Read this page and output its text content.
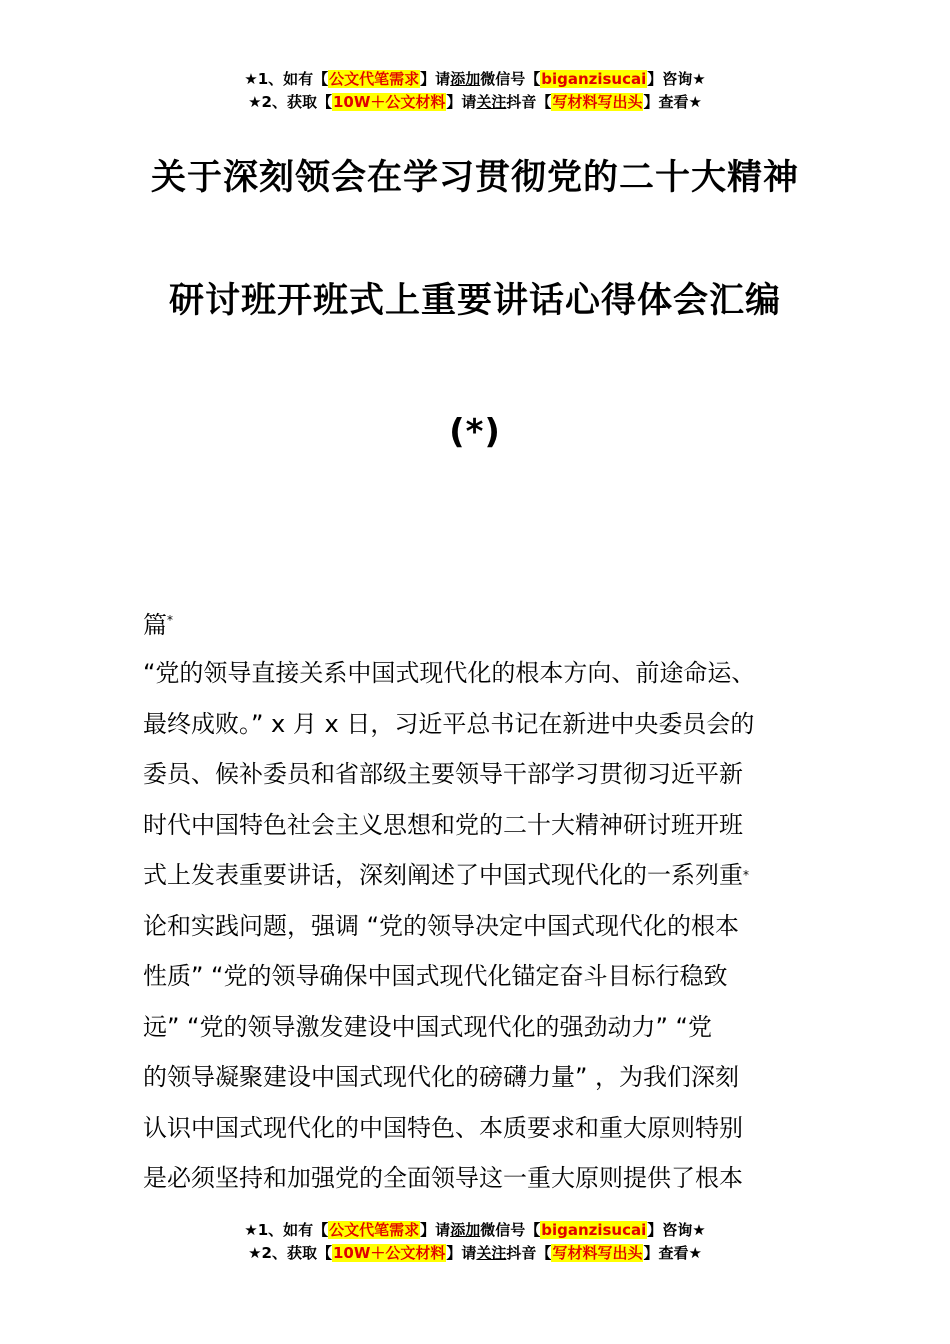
★1、如有【公文代笔需求】请添加微信号【biganzisucai】咨询★
★2、获取【10W＋公文材料】请关注抖音【写材料写出头】查看★
关于深刻领会在学习贯彻党的二十大精神
研讨班开班式上重要讲话心得体会汇编
(*)
篇*
“党的领导直接关系中国式现代化的根本方向、前途命运、
最终成败。” x 月 x 日，习近平总书记在新进中央委员会的
委员、候补委员和省部级主要领导干部学习贯彻习近平新
时代中国特色社会主义思想和党的二十大精神研讨班开班
式上发表重要讲话，深刻阐述了中国式现代化的一系列重*
论和实践问题，强调 “党的领导决定中国式现代化的根本
性质” “党的领导确保中国式现代化锚定奋斗目标行稳致
远” “党的领导激发建设中国式现代化的强劲动力” “党
的领导凝聚建设中国式现代化的磅礴力量” ，为我们深刻
认识中国式现代化的中国特色、本质要求和重大原则特别
是必须坚持和加强党的全面领导这一重大原则提供了根本
★1、如有【公文代笔需求】请添加微信号【biganzisucai】咨询★
★2、获取【10W＋公文材料】请关注抖音【写材料写出头】查看★
